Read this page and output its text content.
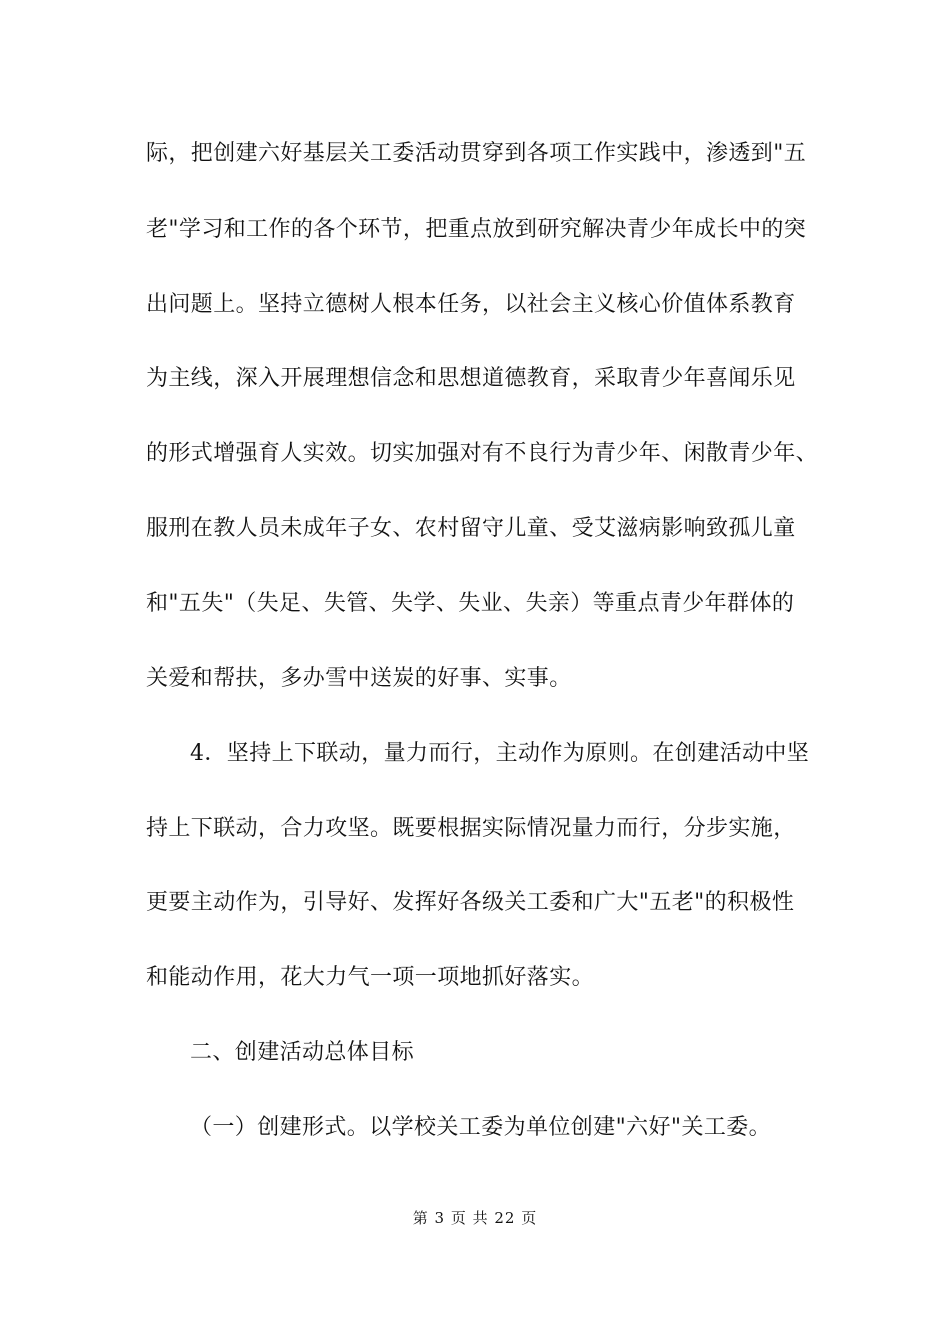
际，把创建六好基层关工委活动贯穿到各项工作实践中，渗透到"五
老"学习和工作的各个环节，把重点放到研究解决青少年成长中的突
出问题上。坚持立德树人根本任务，以社会主义核心价值体系教育
为主线，深入开展理想信念和思想道德教育，采取青少年喜闻乐见
的形式增强育人实效。切实加强对有不良行为青少年、闲散青少年、
服刑在教人员未成年子女、农村留守儿童、受艾滋病影响致孤儿童
和"五失"（失足、失管、失学、失业、失亲）等重点青少年群体的
关爱和帮扶，多办雪中送炭的好事、实事。
4．坚持上下联动，量力而行，主动作为原则。在创建活动中坚
持上下联动，合力攻坚。既要根据实际情况量力而行，分步实施，
更要主动作为，引导好、发挥好各级关工委和广大"五老"的积极性
和能动作用，花大力气一项一项地抓好落实。
二、创建活动总体目标
（一）创建形式。以学校关工委为单位创建"六好"关工委。
第 3 页 共 22 页
